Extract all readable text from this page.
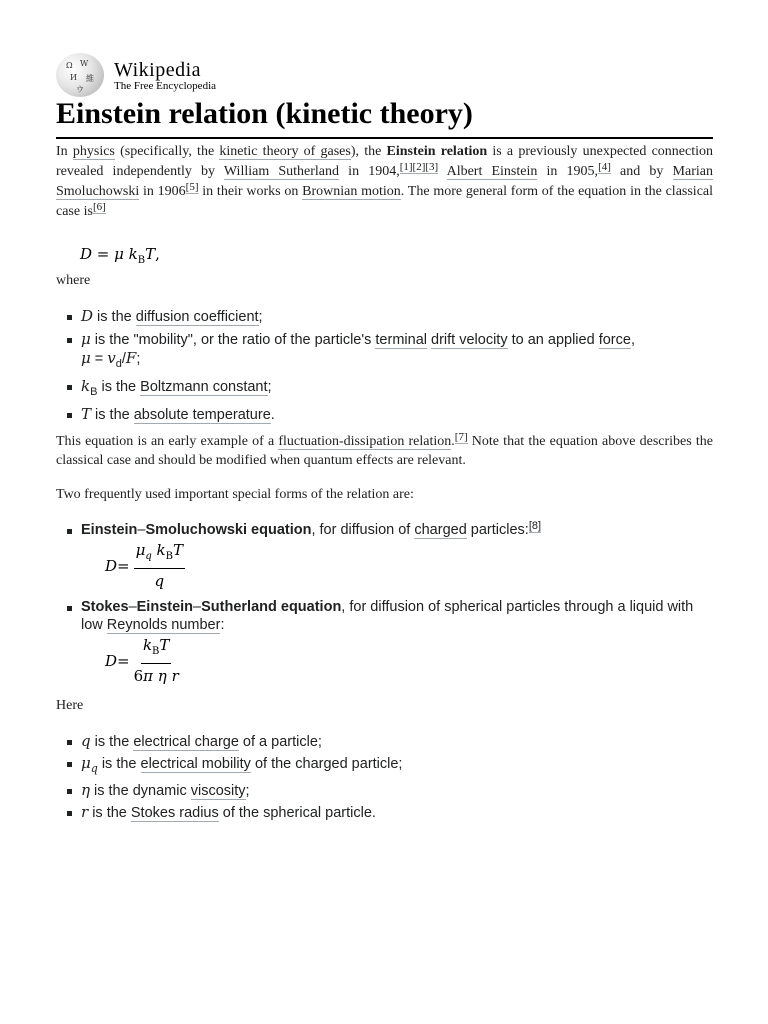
Ω W
И 維
ウ
Wikipedia
The Free Encyclopedia
Einstein relation (kinetic theory)

In physics (specifically, the kinetic theory of gases), the Einstein relation is a previously unexpected connection revealed independently by William Sutherland in 1904,[1][2][3] Albert Einstein in 1905,[4] and by Marian Smoluchowski in 1906[5] in their works on Brownian motion. The more general form of the equation in the classical case is[6]

D = μ $k_BT$,

where

D is the diffusion coefficient;
μ is the "mobility", or the ratio of the particle's terminal drift velocity to an applied force,
$\mu = v_d/F$;
$k_B$ is the Boltzmann constant;
T is the absolute temperature.

This equation is an early example of a fluctuation-dissipation relation.[7] Note that the equation above describes the classical case and should be modified when quantum effects are relevant.

Two frequently used important special forms of the relation are:

Einstein–Smoluchowski equation, for diffusion of charged particles:[8]
$D = \frac{\mu_q k_BT}{q}$
Stokes–Einstein–Sutherland equation, for diffusion of spherical particles through a liquid with low Reynolds number:
$D = \frac{k_BT}{\text{6π η r}}$

Here

q is the electrical charge of a particle;
$\mu_q$ is the electrical mobility of the charged particle;
η is the dynamic viscosity;
r is the Stokes radius of the spherical particle.
